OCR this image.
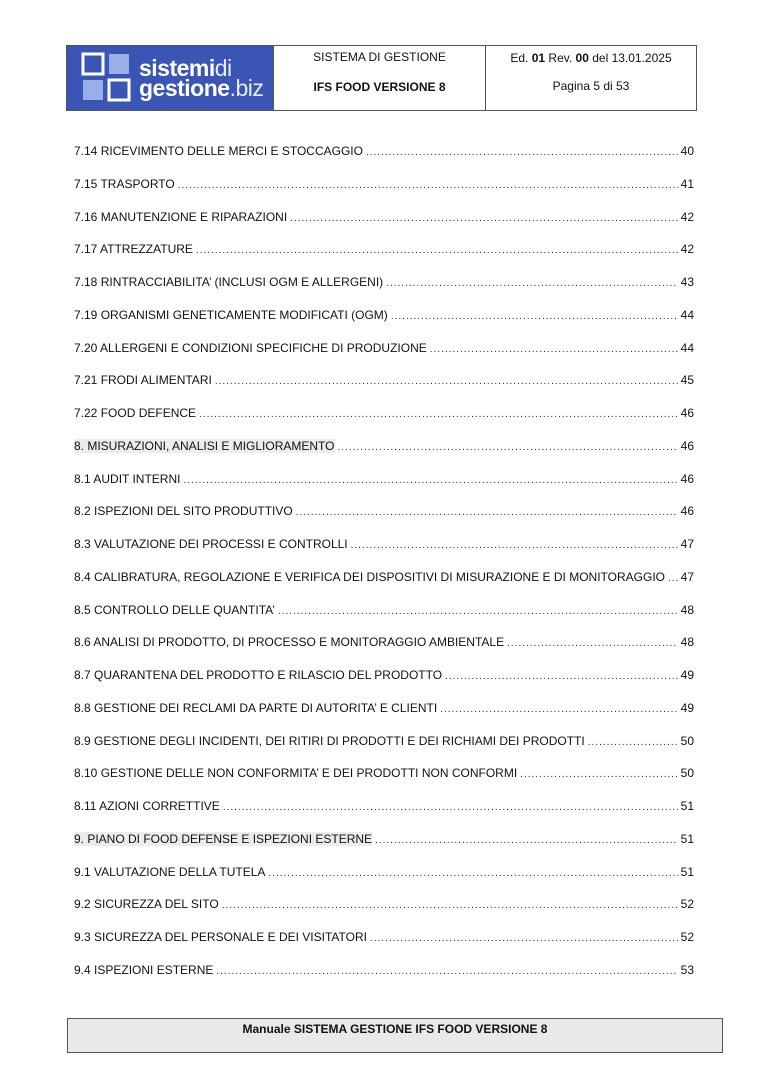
sistemidi
gestione.biz
SISTEMA DI GESTIONE
IFS FOOD VERSIONE 8
Ed. 01 Rev. 00 del 13.01.2025
Pagina 5 di 53
7.14 RICEVIMENTO DELLE MERCI E STOCCAGGIO .....	40
7.15 TRASPORTO .....	41
7.16 MANUTENZIONE E RIPARAZIONI .....	42
7.17 ATTREZZATURE .....	42
7.18 RINTRACCIABILITA’ (INCLUSI OGM E ALLERGENI) .....	43
7.19 ORGANISMI GENETICAMENTE MODIFICATI (OGM) .....	44
7.20 ALLERGENI E CONDIZIONI SPECIFICHE DI PRODUZIONE .....	44
7.21 FRODI ALIMENTARI .....	45
7.22 FOOD DEFENCE .....	46
8. MISURAZIONI, ANALISI E MIGLIORAMENTO .....	46
8.1 AUDIT INTERNI .....	46
8.2 ISPEZIONI DEL SITO PRODUTTIVO .....	46
8.3 VALUTAZIONE DEI PROCESSI E CONTROLLI .....	47
8.4 CALIBRATURA, REGOLAZIONE E VERIFICA DEI DISPOSITIVI DI MISURAZIONE E DI MONITORAGGIO ..... 47
8.5 CONTROLLO DELLE QUANTITA’ .....	48
8.6 ANALISI DI PRODOTTO, DI PROCESSO E MONITORAGGIO AMBIENTALE .....	48
8.7 QUARANTENA DEL PRODOTTO E RILASCIO DEL PRODOTTO .....	49
8.8 GESTIONE DEI RECLAMI DA PARTE DI AUTORITA’ E CLIENTI .....	49
8.9 GESTIONE DEGLI INCIDENTI, DEI RITIRI DI PRODOTTI E DEI RICHIAMI DEI PRODOTTI .....	50
8.10 GESTIONE DELLE NON CONFORMITA’ E DEI PRODOTTI NON CONFORMI .....	50
8.11 AZIONI CORRETTIVE .....	51
9. PIANO DI FOOD DEFENSE E ISPEZIONI ESTERNE .....	51
9.1 VALUTAZIONE DELLA TUTELA .....	51
9.2 SICUREZZA DEL SITO .....	52
9.3 SICUREZZA DEL PERSONALE E DEI VISITATORI .....	52
9.4 ISPEZIONI ESTERNE .....	53
Manuale SISTEMA GESTIONE IFS FOOD VERSIONE 8
